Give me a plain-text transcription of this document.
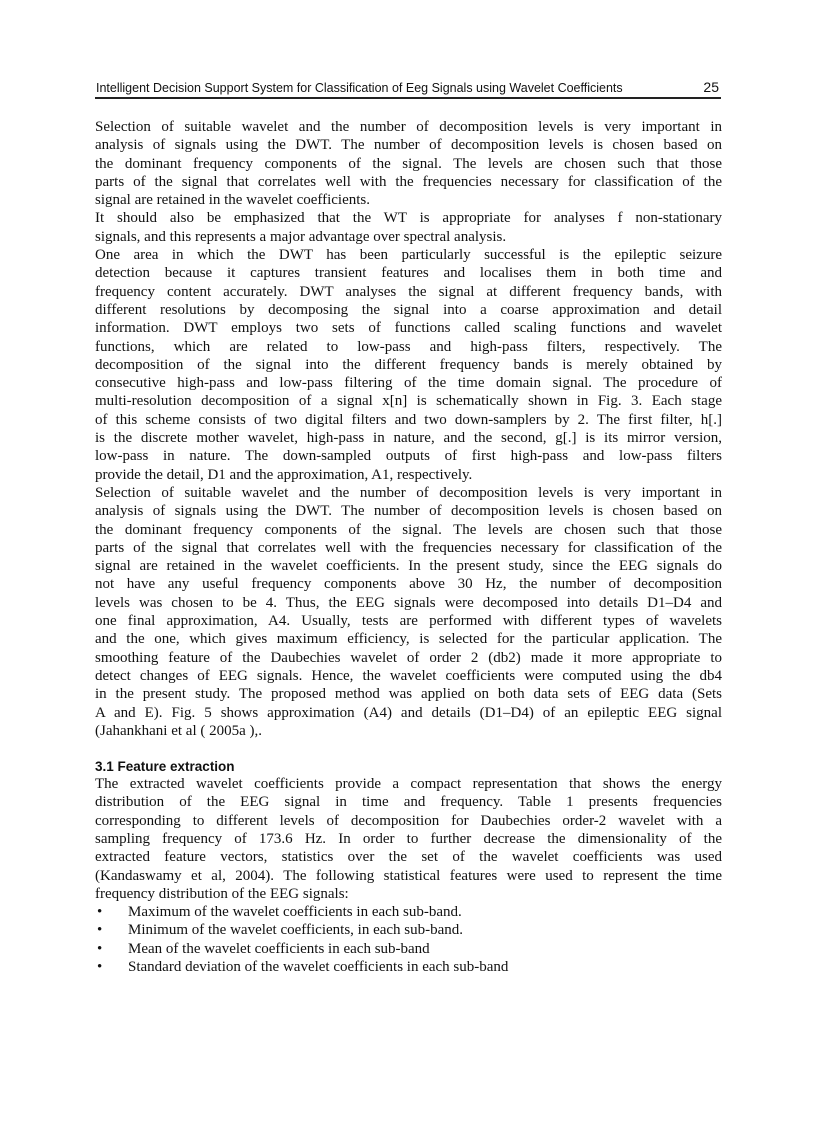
Intelligent Decision Support System for Classification of Eeg Signals using Wavelet Coefficients	25
Selection of suitable wavelet and the number of decomposition levels is very important in
analysis of signals using the DWT. The number of decomposition levels is chosen based on
the dominant frequency components of the signal. The levels are chosen such that those
parts of the signal that correlates well with the frequencies necessary for classification of the
signal are retained in the wavelet coefficients.
It should also be emphasized that the WT is appropriate for analyses f non-stationary
signals, and this represents a major advantage over spectral analysis.
One area in which the DWT has been particularly successful is the epileptic seizure
detection because it captures transient features and localises them in both time and
frequency content accurately. DWT analyses the signal at different frequency bands, with
different resolutions by decomposing the signal into a coarse approximation and detail
information. DWT employs two sets of functions called scaling functions and wavelet
functions, which are related to low-pass and high-pass filters, respectively. The
decomposition of the signal into the different frequency bands is merely obtained by
consecutive high-pass and low-pass filtering of the time domain signal. The procedure of
multi-resolution decomposition of a signal x[n] is schematically shown in Fig. 3. Each stage
of this scheme consists of two digital filters and two down-samplers by 2. The first filter, h[.]
is the discrete mother wavelet, high-pass in nature, and the second, g[.] is its mirror version,
low-pass in nature. The down-sampled outputs of first high-pass and low-pass filters
provide the detail, D1 and the approximation, A1, respectively.
Selection of suitable wavelet and the number of decomposition levels is very important in
analysis of signals using the DWT. The number of decomposition levels is chosen based on
the dominant frequency components of the signal. The levels are chosen such that those
parts of the signal that correlates well with the frequencies necessary for classification of the
signal are retained in the wavelet coefficients. In the present study, since the EEG signals do
not have any useful frequency components above 30 Hz, the number of decomposition
levels was chosen to be 4. Thus, the EEG signals were decomposed into details D1–D4 and
one final approximation, A4. Usually, tests are performed with different types of wavelets
and the one, which gives maximum efficiency, is selected for the particular application. The
smoothing feature of the Daubechies wavelet of order 2 (db2) made it more appropriate to
detect changes of EEG signals. Hence, the wavelet coefficients were computed using the db4
in the present study. The proposed method was applied on both data sets of EEG data (Sets
A and E). Fig. 5 shows approximation (A4) and details (D1–D4) of an epileptic EEG signal
(Jahankhani et al ( 2005a ),.
3.1 Feature extraction
The extracted wavelet coefficients provide a compact representation that shows the energy
distribution of the EEG signal in time and frequency. Table 1 presents frequencies
corresponding to different levels of decomposition for Daubechies order-2 wavelet with a
sampling frequency of 173.6 Hz. In order to further decrease the dimensionality of the
extracted feature vectors, statistics over the set of the wavelet coefficients was used
(Kandaswamy et al, 2004). The following statistical features were used to represent the time
frequency distribution of the EEG signals:
•	Maximum of the wavelet coefficients in each sub-band.
•	Minimum of the wavelet coefficients, in each sub-band.
•	Mean of the wavelet coefficients in each sub-band
•	Standard deviation of the wavelet coefficients in each sub-band
